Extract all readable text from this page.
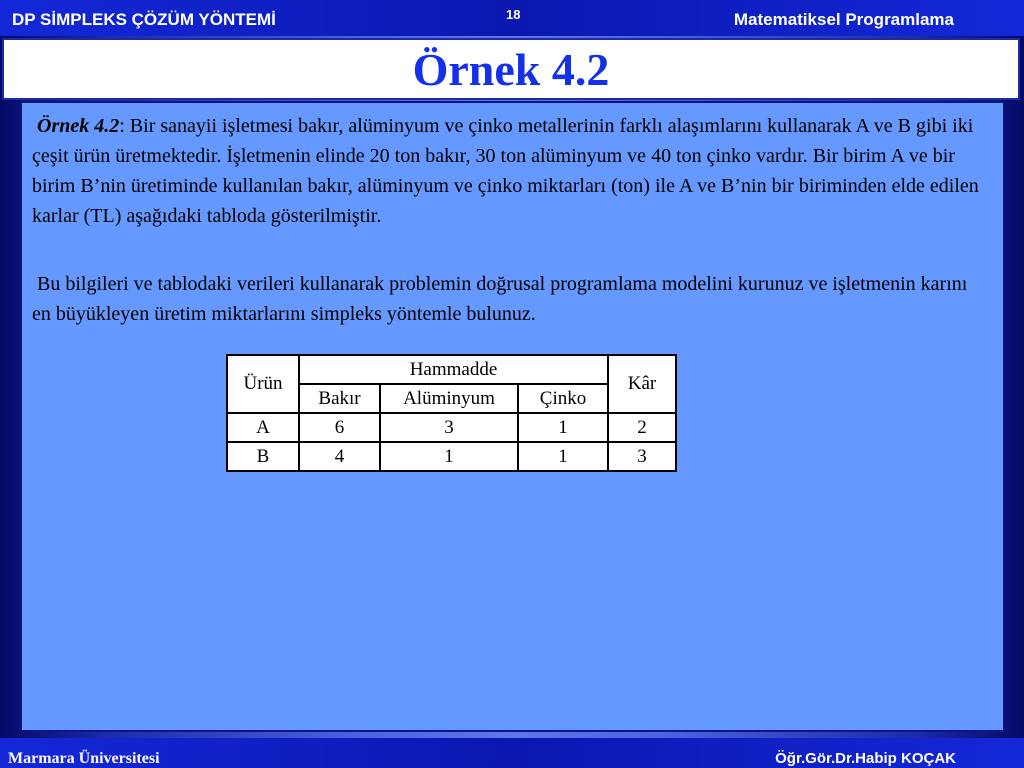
DP SİMPLEKS ÇÖZÜM YÖNTEMİ	18	Matematiksel Programlama
Örnek 4.2
Örnek 4.2: Bir sanayii işletmesi bakır, alüminyum ve çinko metallerinin farklı alaşımlarını kullanarak A ve B gibi iki çeşit ürün üretmektedir. İşletmenin elinde 20 ton bakır, 30 ton alüminyum ve 40 ton çinko vardır. Bir birim A ve bir birim B’nin üretiminde kullanılan bakır, alüminyum ve çinko miktarları (ton) ile A ve B’nin bir biriminden elde edilen karlar (TL) aşağıdaki tabloda gösterilmiştir.
Bu bilgileri ve tablodaki verileri kullanarak problemin doğrusal programlama modelini kurunuz ve işletmenin karını en büyükleyen üretim miktarlarını simpleks yöntemle bulunuz.
Ürün	Hammadde			Kâr
	Bakır	Alüminyum	Çinko	
A	6	3	1	2
B	4	1	1	3
Marmara Üniversitesi	Öğr.Gör.Dr.Habip KOÇAK
